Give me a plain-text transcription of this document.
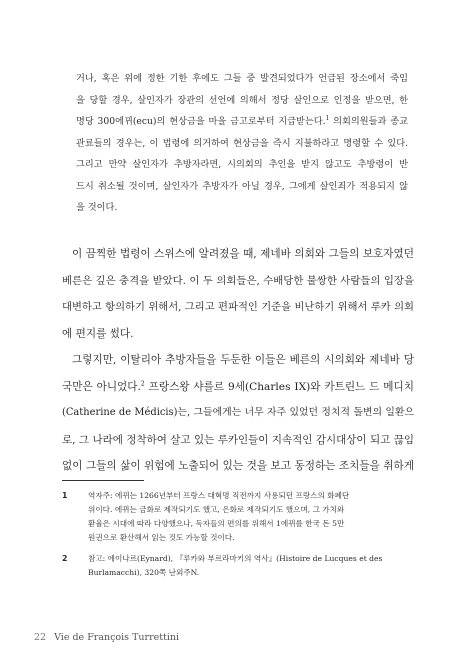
거나, 혹은 위에 정한 기한 후에도 그들 중 발견되었다가 언급된 장소에서 죽임
을 당할 경우, 살인자가 장관의 선언에 의해서 정당 살인으로 인정을 받으면, 한
명당 300에뀌(ecu)의 현상금을 마을 금고로부터 지급받는다.$^1$ 의회의원들과 종교
관료들의 경우는, 이 법령에 의거하여 현상금을 즉시 지불하라고 명령할 수 있다.
그리고 만약 살인자가 추방자라면, 시의회의 추인을 받지 않고도 추방령이 반
드시 취소될 것이며, 살인자가 추방자가 아닐 경우, 그에게 살인죄가 적용되지 않
을 것이다.
이 끔찍한 법령이 스위스에 알려졌을 때, 제네바 의회와 그들의 보호자였던
베른은 깊은 충격을 받았다. 이 두 의회들은, 수배당한 불쌍한 사람들의 입장을
대변하고 항의하기 위해서, 그리고 편파적인 기준을 비난하기 위해서 루카 의회
에 편지를 썼다.
그렇지만, 이탈리아 추방자들을 두둔한 이들은 베른의 시의회와 제네바 당
국만은 아니었다.$^2$ 프랑스왕 샤를르 9세(Charles IX)와 카트린느 드 메디치
(Catherine de Médicis)는, 그들에게는 너무 자주 있었던 정치적 돌변의 일환으
로, 그 나라에 정착하여 살고 있는 루카인들이 지속적인 감시대상이 되고 끊임
없이 그들의 삶이 위험에 노출되어 있는 것을 보고 동정하는 조치들을 취하게
1	역자주: 에뀌는 1266년부터 프랑스 대혁명 직전까지 사용되던 프랑스의 화폐단
위이다. 에뀌는 금화로 제작되기도 했고, 은화로 제작되기도 했으며, 그 가치와
환율은 시대에 따라 다양했으나, 독자들의 편의를 위해서 1에뀌를 한국 돈 5만
원권으로 환산해서 읽는 것도 가능할 것이다.
2	참고: 에이나르(Eynard), 『루카와 부르라마키의 역사』(Histoire de Lucques et des
Burlamacchi), 320쪽 난외주N.
22 Vie de François Turrettini
